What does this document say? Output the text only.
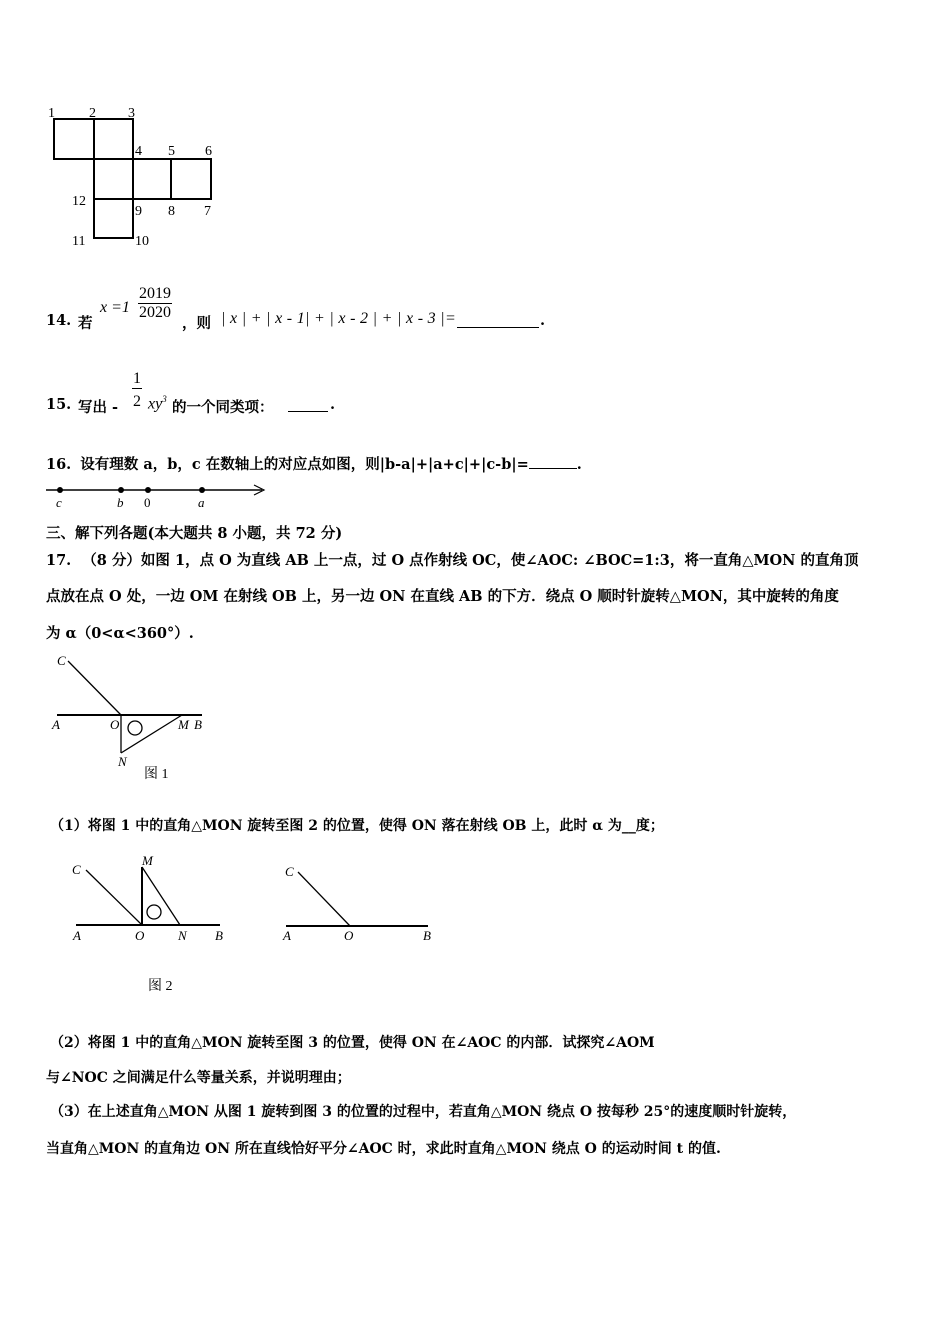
1 2 3
4 5 6
7
8
9
10
11
12
14. 若
$x =1 \frac{2019}{2020}$
，则 | x | + | x - 1| + | x - 2 | + | x - 3 |=	.
15. 写出 - $\frac{1}{2} xy^3$ 的一个同类项：	.
16. 设有理数 a，b，c 在数轴上的对应点如图，则|b-a|+|a+c|+|c-b|=	.
c	b 0	a
三、解下列各题(本大题共 8 小题，共 72 分)
17. （8 分）如图 1，点 O 为直线 AB 上一点，过 O 点作射线 OC，使∠AOC: ∠BOC=1:3，将一直角△MON 的直角顶
点放在点 O 处，一边 OM 在射线 OB 上，另一边 ON 在直线 AB 的下方．绕点 O 顺时针旋转△MON，其中旋转的角度
为 α（0<α<360°）.
C
A	O	M B
N
图 1
（1）将图 1 中的直角△MON 旋转至图 2 的位置，使得 ON 落在射线 OB 上，此时 α 为__度；
C
M
A	O	N B
图 2
C
A	O	B
（2）将图 1 中的直角△MON 旋转至图 3 的位置，使得 ON 在∠AOC 的内部．试探究∠AOM
与∠NOC 之间满足什么等量关系，并说明理由；
（3）在上述直角△MON 从图 1 旋转到图 3 的位置的过程中，若直角△MON 绕点 O 按每秒 25°的速度顺时针旋转，
当直角△MON 的直角边 ON 所在直线恰好平分∠AOC 时，求此时直角△MON 绕点 O 的运动时间 t 的值.
